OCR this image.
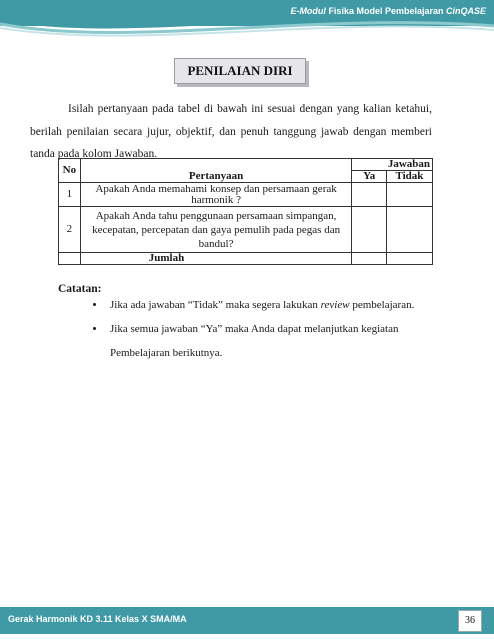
E-Modul Fisika Model Pembelajaran CinQASE
PENILAIAN DIRI
Isilah pertanyaan pada tabel di bawah ini sesuai dengan yang kalian ketahui, berilah penilaian secara jujur, objektif, dan penuh tanggung jawab dengan memberi tanda pada kolom Jawaban.
No	Pertanyaan	Jawaban	
		Ya	Tidak
1	Apakah Anda memahami konsep dan persamaan gerak harmonik ?		
2	Apakah Anda tahu penggunaan persamaan simpangan, kecepatan, percepatan dan gaya pemulih pada pegas dan bandul?		
	Jumlah		
Catatan:
• Jika ada jawaban “Tidak” maka segera lakukan review pembelajaran.
• Jika semua jawaban “Ya” maka Anda dapat melanjutkan kegiatan Pembelajaran berikutnya.
Gerak Harmonik KD 3.11 Kelas X SMA/MA	36
